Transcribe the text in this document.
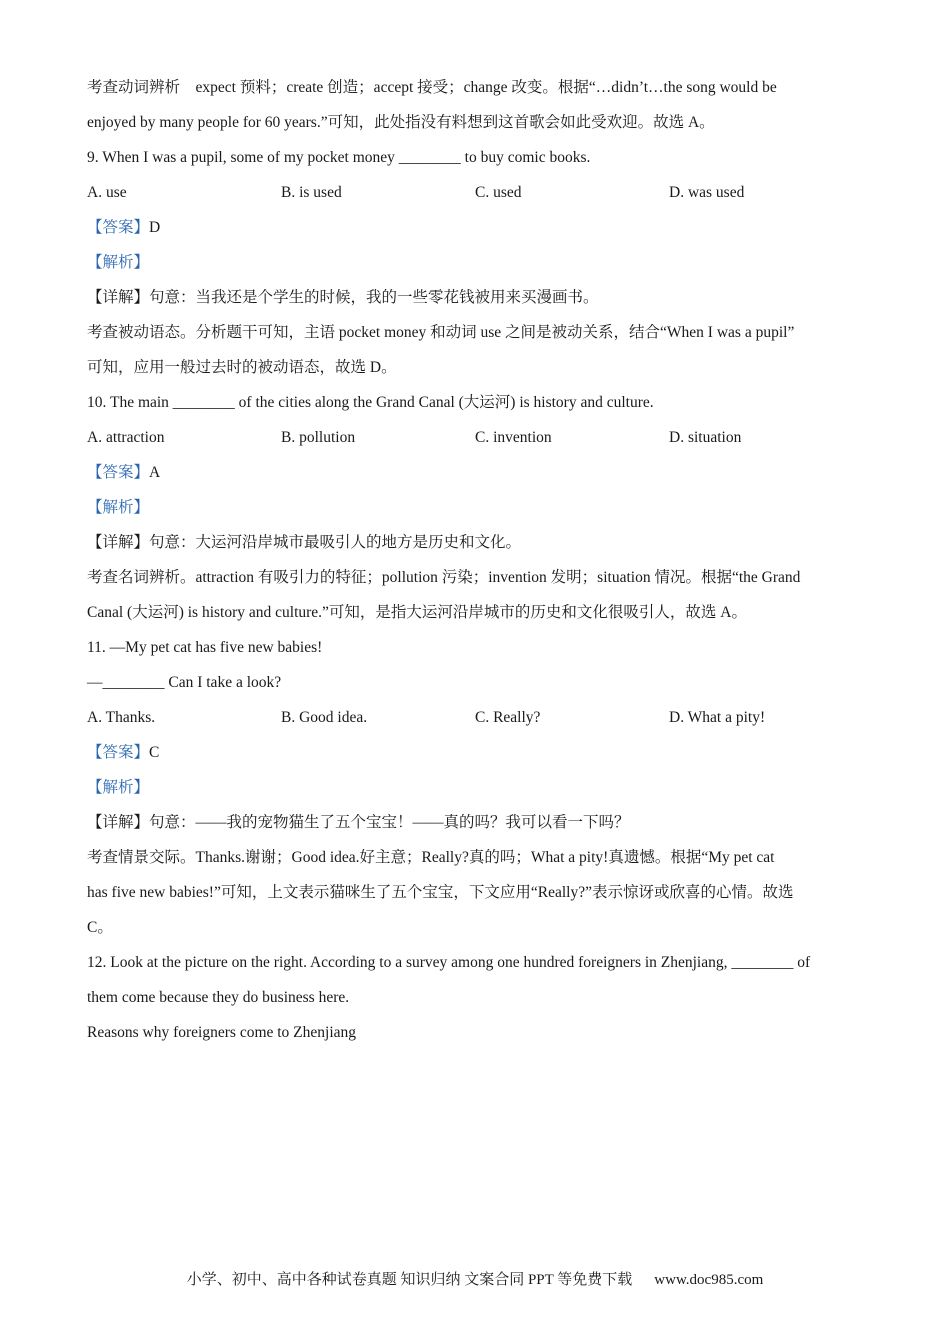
考查动词辨析　expect 预料；create 创造；accept 接受；change 改变。根据“…didn’t…the song would be

enjoyed by many people for 60 years.”可知，此处指没有料想到这首歌会如此受欢迎。故选 A。

9. When I was a pupil, some of my pocket money ________ to buy comic books.

A. use	B. is used	C. used	D. was used

【答案】D

【解析】

【详解】句意：当我还是个学生的时候，我的一些零花钱被用来买漫画书。

考查被动语态。分析题干可知，主语 pocket money 和动词 use 之间是被动关系，结合“When I was a pupil”

可知，应用一般过去时的被动语态，故选 D。

10. The main ________ of the cities along the Grand Canal (大运河) is history and culture.

A. attraction	B. pollution	C. invention	D. situation

【答案】A

【解析】

【详解】句意：大运河沿岸城市最吸引人的地方是历史和文化。

考查名词辨析。attraction 有吸引力的特征；pollution 污染；invention 发明；situation 情况。根据“the Grand

Canal (大运河) is history and culture.”可知，是指大运河沿岸城市的历史和文化很吸引人，故选 A。

11. —My pet cat has five new babies!

—________ Can I take a look?

A. Thanks.	B. Good idea.	C. Really?	D. What a pity!

【答案】C

【解析】

【详解】句意：——我的宠物猫生了五个宝宝！——真的吗？我可以看一下吗？

考查情景交际。Thanks.谢谢；Good idea.好主意；Really?真的吗；What a pity!真遗憾。根据“My pet cat

has five new babies!”可知，上文表示猫咪生了五个宝宝，下文应用“Really?”表示惊讶或欣喜的心情。故选

C。

12. Look at the picture on the right. According to a survey among one hundred foreigners in Zhenjiang, ________ of

them come because they do business here.

Reasons why foreigners come to Zhenjiang

小学、初中、高中各种试卷真题 知识归纳 文案合同 PPT 等免费下载 www.doc985.com
